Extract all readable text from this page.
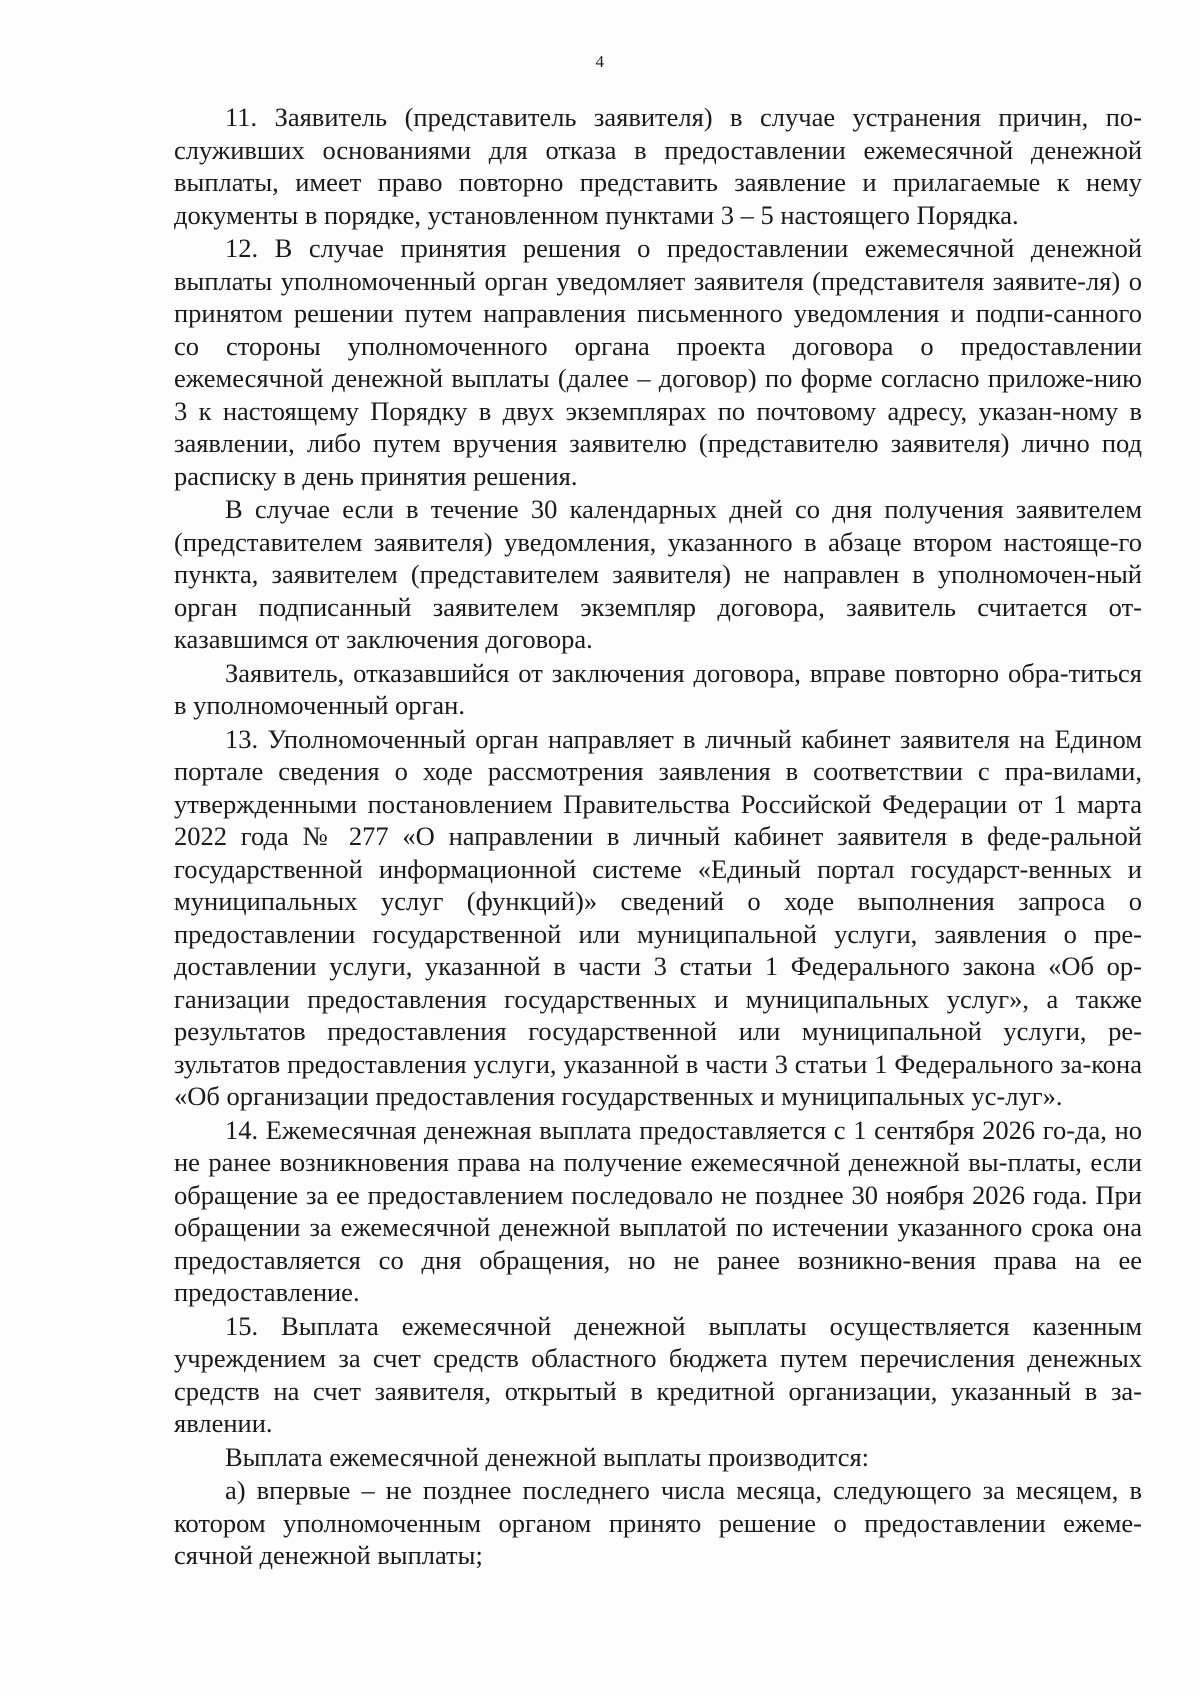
4

11. Заявитель (представитель заявителя) в случае устранения причин, по-служивших основаниями для отказа в предоставлении ежемесячной денежной выплаты, имеет право повторно представить заявление и прилагаемые к нему документы в порядке, установленном пунктами 3 – 5 настоящего Порядка.

12. В случае принятия решения о предоставлении ежемесячной денежной выплаты уполномоченный орган уведомляет заявителя (представителя заявите-ля) о принятом решении путем направления письменного уведомления и подпи-санного со стороны уполномоченного органа проекта договора о предоставлении ежемесячной денежной выплаты (далее – договор) по форме согласно приложе-нию 3 к настоящему Порядку в двух экземплярах по почтовому адресу, указан-ному в заявлении, либо путем вручения заявителю (представителю заявителя) лично под расписку в день принятия решения.

В случае если в течение 30 календарных дней со дня получения заявителем (представителем заявителя) уведомления, указанного в абзаце втором настояще-го пункта, заявителем (представителем заявителя) не направлен в уполномочен-ный орган подписанный заявителем экземпляр договора, заявитель считается от-казавшимся от заключения договора.

Заявитель, отказавшийся от заключения договора, вправе повторно обра-титься в уполномоченный орган.

13. Уполномоченный орган направляет в личный кабинет заявителя на Едином портале сведения о ходе рассмотрения заявления в соответствии с пра-вилами, утвержденными постановлением Правительства Российской Федерации от 1 марта 2022 года № 277 «О направлении в личный кабинет заявителя в феде-ральной государственной информационной системе «Единый портал государст-венных и муниципальных услуг (функций)» сведений о ходе выполнения запроса о предоставлении государственной или муниципальной услуги, заявления о пре-доставлении услуги, указанной в части 3 статьи 1 Федерального закона «Об ор-ганизации предоставления государственных и муниципальных услуг», а также результатов предоставления государственной или муниципальной услуги, ре-зультатов предоставления услуги, указанной в части 3 статьи 1 Федерального за-кона «Об организации предоставления государственных и муниципальных ус-луг».

14. Ежемесячная денежная выплата предоставляется с 1 сентября 2026 го-да, но не ранее возникновения права на получение ежемесячной денежной вы-платы, если обращение за ее предоставлением последовало не позднее 30 ноября 2026 года. При обращении за ежемесячной денежной выплатой по истечении указанного срока она предоставляется со дня обращения, но не ранее возникно-вения права на ее предоставление.

15. Выплата ежемесячной денежной выплаты осуществляется казенным учреждением за счет средств областного бюджета путем перечисления денежных средств на счет заявителя, открытый в кредитной организации, указанный в за-явлении.

Выплата ежемесячной денежной выплаты производится:

а) впервые – не позднее последнего числа месяца, следующего за месяцем, в котором уполномоченным органом принято решение о предоставлении ежеме-сячной денежной выплаты;
